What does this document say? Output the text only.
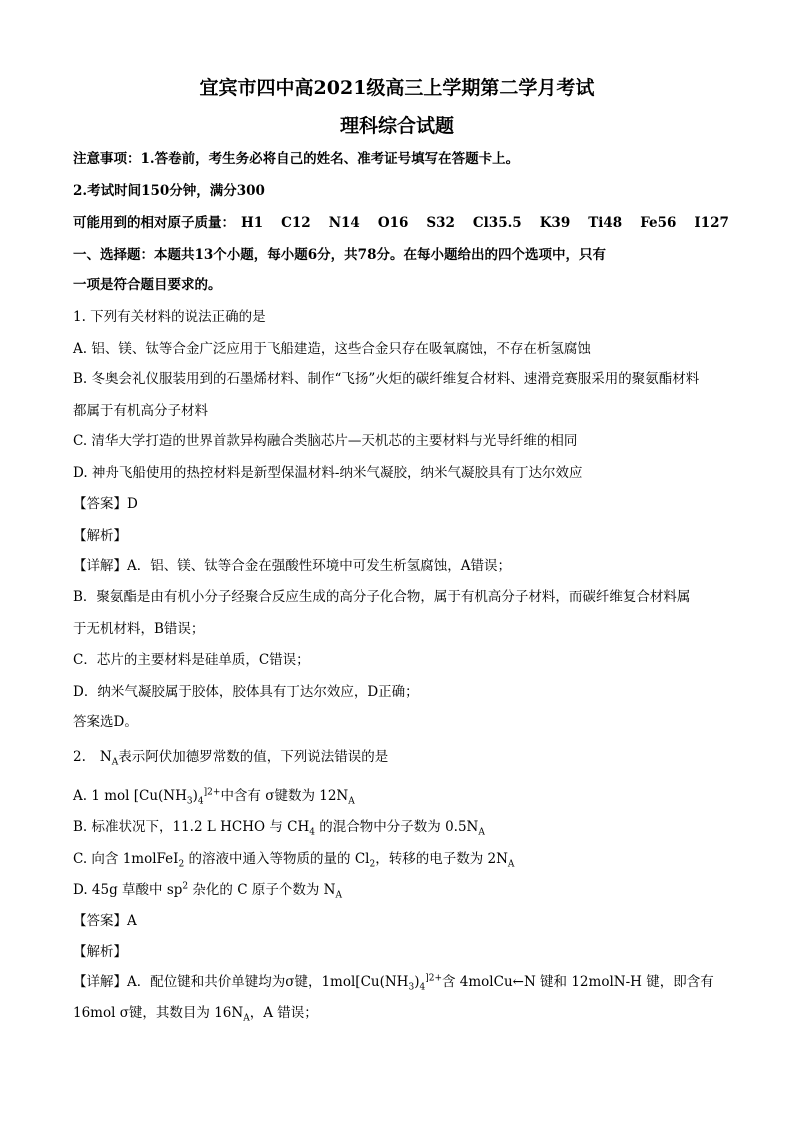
宜宾市四中高2021级高三上学期第二学月考试
理科综合试题
注意事项：1.答卷前，考生务必将自己的姓名、准考证号填写在答题卡上。
2.考试时间150分钟，满分300
可能用到的相对原子质量： H1 C12 N14 O16 S32 Cl35.5 K39 Ti48 Fe56 I127
一、选择题：本题共13个小题，每小题6分，共78分。在每小题给出的四个选项中，只有
一项是符合题目要求的。
1. 下列有关材料的说法正确的是
A. 铝、镁、钛等合金广泛应用于飞船建造，这些合金只存在吸氧腐蚀，不存在析氢腐蚀
B. 冬奥会礼仪服装用到的石墨烯材料、制作“飞扬”火炬的碳纤维复合材料、速滑竞赛服采用的聚氨酯材料
都属于有机高分子材料
C. 清华大学打造的世界首款异构融合类脑芯片—天机芯的主要材料与光导纤维的相同
D. 神舟飞船使用的热控材料是新型保温材料-纳米气凝胶，纳米气凝胶具有丁达尔效应
【答案】D
【解析】
【详解】A．铝、镁、钛等合金在强酸性环境中可发生析氢腐蚀，A错误；
B．聚氨酯是由有机小分子经聚合反应生成的高分子化合物，属于有机高分子材料，而碳纤维复合材料属
于无机材料，B错误；
C．芯片的主要材料是硅单质，C错误；
D．纳米气凝胶属于胶体，胶体具有丁达尔效应，D正确；
答案选D。
2. $N_A$表示阿伏加德罗常数的值，下列说法错误的是
A. 1 mol [$Cu(NH_3)_4^{]2+}$中含有 σ键数为 $12N_A$
B. 标准状况下，11.2 L HCHO 与 $CH_4$ 的混合物中分子数为 $0.5N_A$
C. 向含 1molFeI$_2$ 的溶液中通入等物质的量的 $Cl_2$，转移的电子数为 $2N_A$
D. 45g 草酸中 $sp^2$ 杂化的 C 原子个数为 $N_A$
【答案】A
【解析】
【详解】A．配位键和共价单键均为σ键，$1mol[Cu(NH_3)_4^{]2+}$含 4molCu←N 键和 12molN-H 键，即含有
16mol σ键，其数目为 $16N_A$，A 错误；
